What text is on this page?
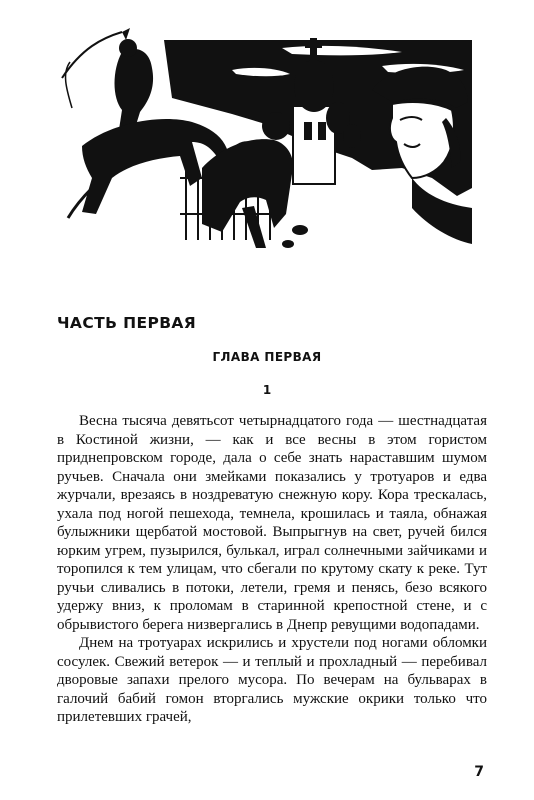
ЧАСТЬ ПЕРВАЯ
ГЛАВА ПЕРВАЯ
1

Весна тысяча девятьсот четырнадцатого года — шестнадцатая в Костиной жизни, — как и все весны в этом гористом приднепровском городе, дала о себе знать нараставшим шумом ручьев. Сначала они змейками показались у тротуаров и едва журчали, врезаясь в ноздреватую снежную кору. Кора трескалась, ухала под ногой пешехода, темнела, крошилась и таяла, обнажая булыжники щербатой мостовой. Выпрыгнув на свет, ручей бился юрким угрем, пузырился, булькал, играл солнечными зайчиками и торопился к тем улицам, что сбегали по крутому скату к реке. Тут ручьи сливались в потоки, летели, гремя и пенясь, безо всякого удержу вниз, к проломам в старинной крепостной стене, и с обрывистого берега низвергались в Днепр ревущими водопадами.

Днем на тротуарах искрились и хрустели под ногами обломки сосулек. Свежий ветерок — и теплый и прохладный — перебивал дворовые запахи прелого мусора. По вечерам на бульварах в галочий бабий гомон вторгались мужские окрики только что прилетевших грачей,

7
